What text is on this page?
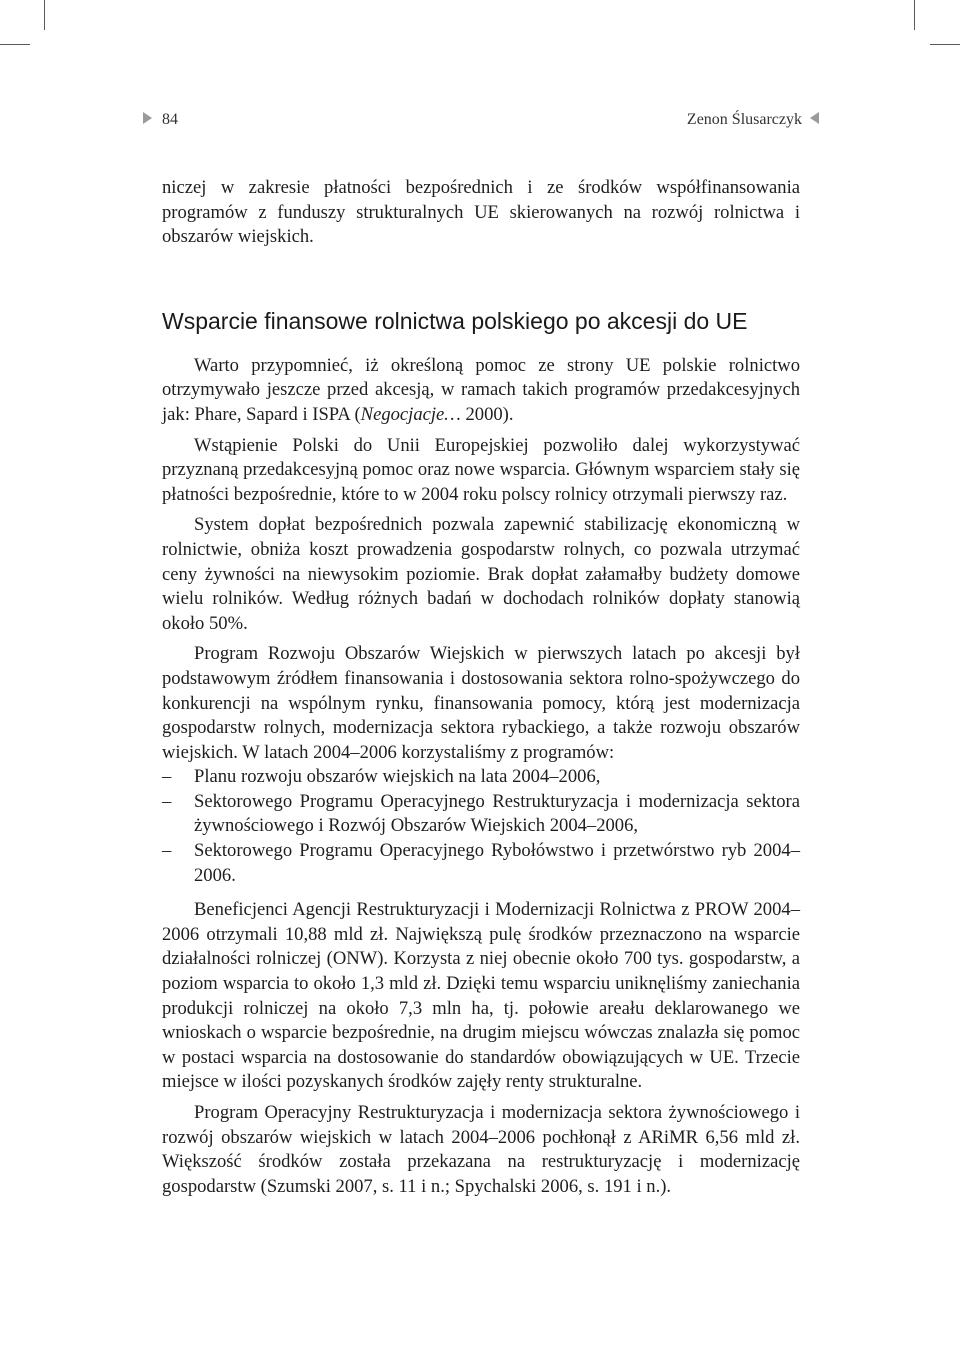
84	Zenon Ślusarczyk

niczej w zakresie płatności bezpośrednich i ze środków współfinansowania programów z funduszy strukturalnych UE skierowanych na rozwój rolnictwa i obszarów wiejskich.

Wsparcie finansowe rolnictwa polskiego po akcesji do UE

Warto przypomnieć, iż określoną pomoc ze strony UE polskie rolnictwo otrzymywało jeszcze przed akcesją, w ramach takich programów przedakcesyjnych jak: Phare, Sapard i ISPA (Negocjacje… 2000).

Wstąpienie Polski do Unii Europejskiej pozwoliło dalej wykorzystywać przyznaną przedakcesyjną pomoc oraz nowe wsparcia. Głównym wsparciem stały się płatności bezpośrednie, które to w 2004 roku polscy rolnicy otrzymali pierwszy raz.

System dopłat bezpośrednich pozwala zapewnić stabilizację ekonomiczną w rolnictwie, obniża koszt prowadzenia gospodarstw rolnych, co pozwala utrzymać ceny żywności na niewysokim poziomie. Brak dopłat załamałby budżety domowe wielu rolników. Według różnych badań w dochodach rolników dopłaty stanowią około 50%.

Program Rozwoju Obszarów Wiejskich w pierwszych latach po akcesji był podstawowym źródłem finansowania i dostosowania sektora rolno-spożywczego do konkurencji na wspólnym rynku, finansowania pomocy, którą jest modernizacja gospodarstw rolnych, modernizacja sektora rybackiego, a także rozwoju obszarów wiejskich. W latach 2004–2006 korzystaliśmy z programów:

– Planu rozwoju obszarów wiejskich na lata 2004–2006,
– Sektorowego Programu Operacyjnego Restrukturyzacja i modernizacja sektora żywnościowego i Rozwój Obszarów Wiejskich 2004–2006,
– Sektorowego Programu Operacyjnego Rybołówstwo i przetwórstwo ryb 2004–2006.

Beneficjenci Agencji Restrukturyzacji i Modernizacji Rolnictwa z PROW 2004–2006 otrzymali 10,88 mld zł. Największą pulę środków przeznaczono na wsparcie działalności rolniczej (ONW). Korzysta z niej obecnie około 700 tys. gospodarstw, a poziom wsparcia to około 1,3 mld zł. Dzięki temu wsparciu uniknęliśmy zaniechania produkcji rolniczej na około 7,3 mln ha, tj. połowie areału deklarowanego we wnioskach o wsparcie bezpośrednie, na drugim miejscu wówczas znalazła się pomoc w postaci wsparcia na dostosowanie do standardów obowiązujących w UE. Trzecie miejsce w ilości pozyskanych środków zajęły renty strukturalne.

Program Operacyjny Restrukturyzacja i modernizacja sektora żywnościowego i rozwój obszarów wiejskich w latach 2004–2006 pochłonął z ARiMR 6,56 mld zł. Większość środków została przekazana na restrukturyzację i modernizację gospodarstw (Szumski 2007, s. 11 i n.; Spychalski 2006, s. 191 i n.).
